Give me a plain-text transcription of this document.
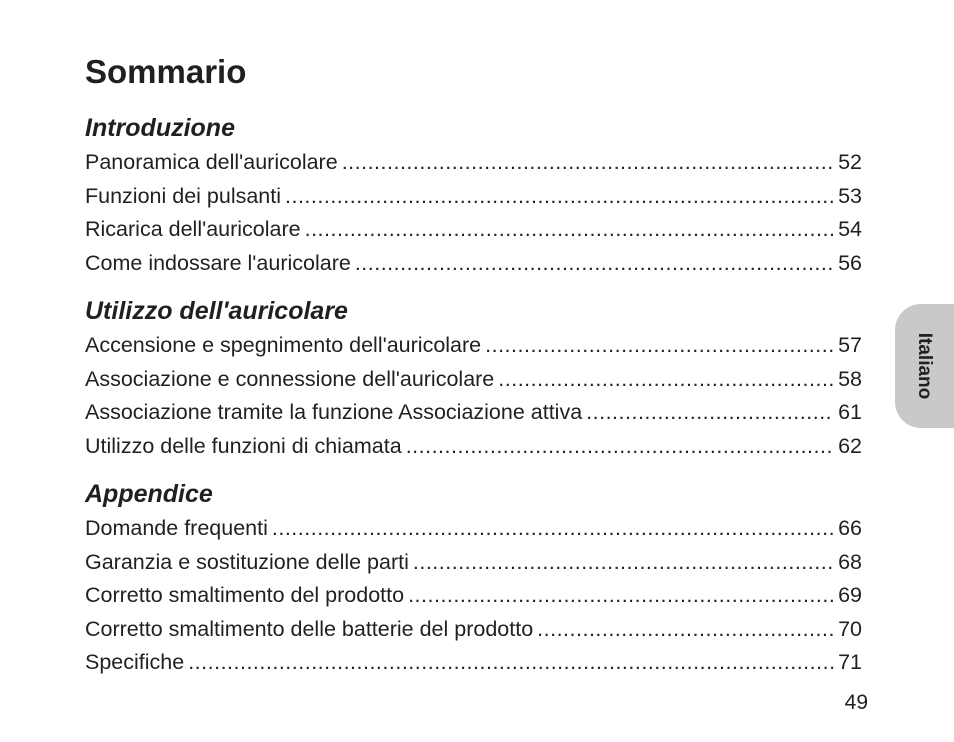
Sommario
Introduzione
Panoramica dell'auricolare .....	52
Funzioni dei pulsanti .....	53
Ricarica dell'auricolare .....	54
Come indossare l'auricolare .....	56
Utilizzo dell'auricolare
Accensione e spegnimento dell'auricolare .....	57
Associazione e connessione dell'auricolare .....	58
Associazione tramite la funzione Associazione attiva .....	61
Utilizzo delle funzioni di chiamata .....	62
Appendice
Domande frequenti .....	66
Garanzia e sostituzione delle parti .....	68
Corretto smaltimento del prodotto .....	69
Corretto smaltimento delle batterie del prodotto .....	70
Specifiche .....	71
Italiano
49
